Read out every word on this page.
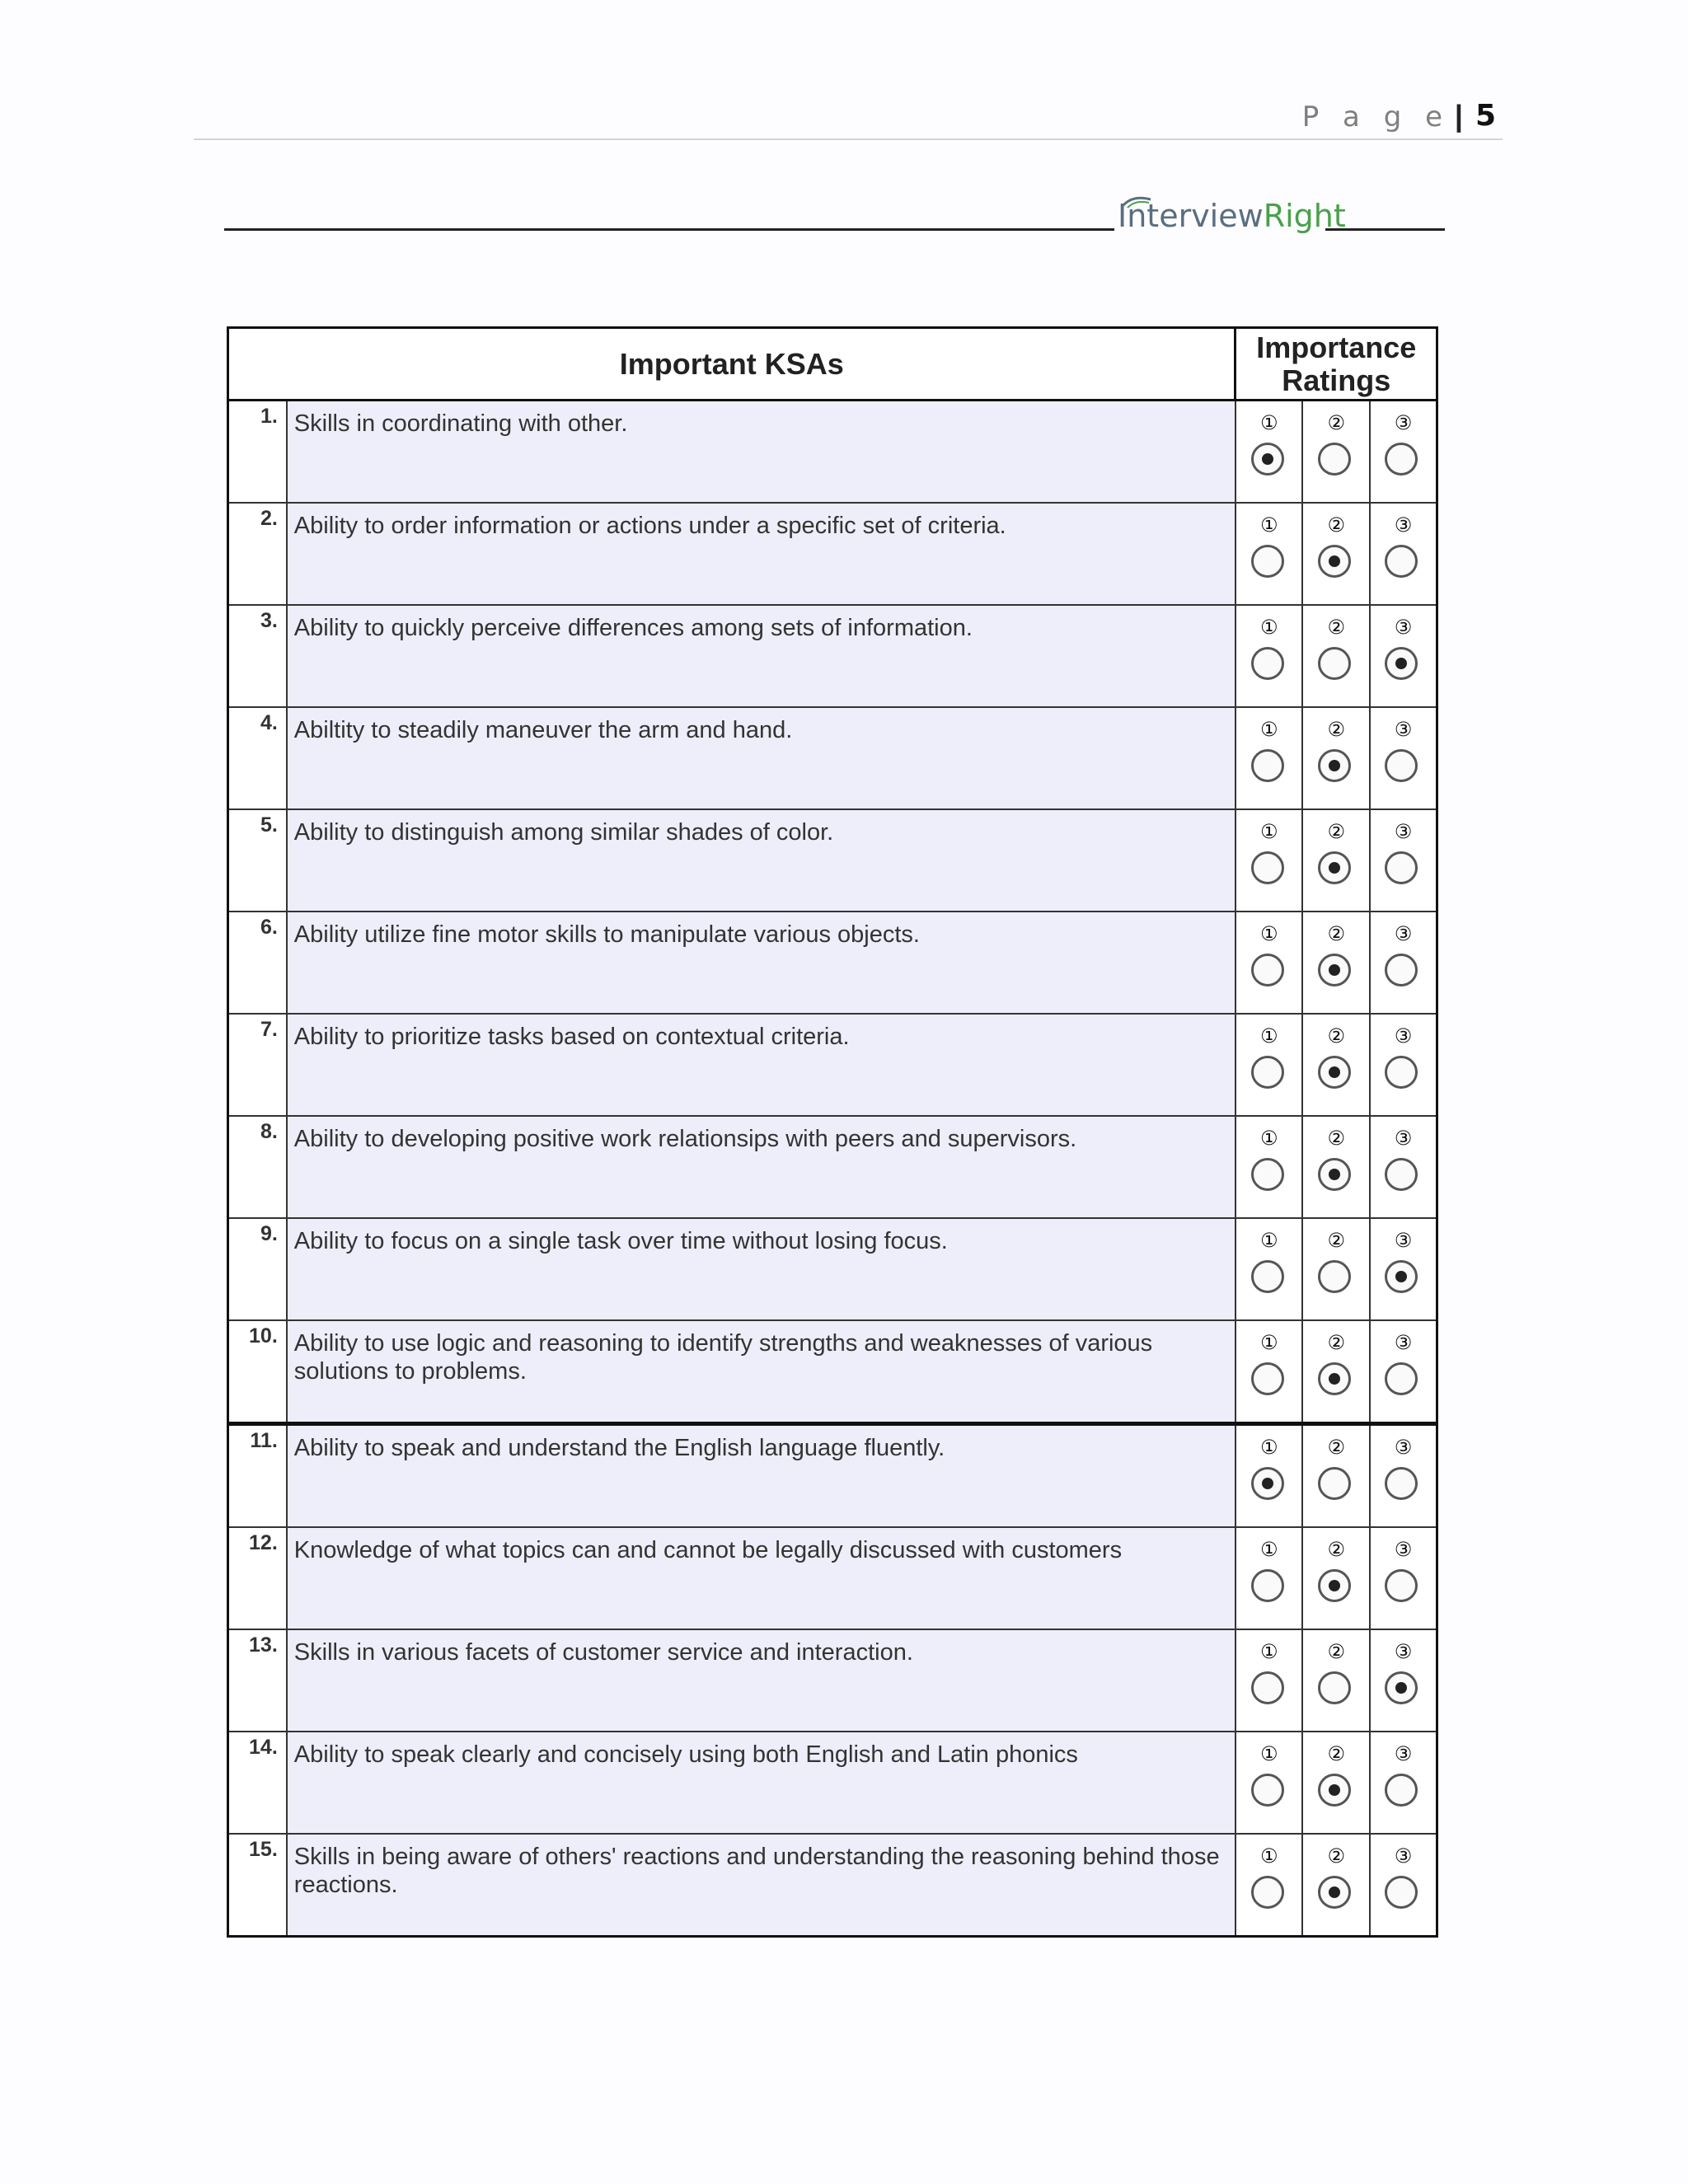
P a g e | 5
InterviewRight
Important KSAs		Importance Ratings		
1.	Skills in coordinating with other.	①	②	③

2.	Ability to order information or actions under a specific set of criteria.	①	②	③

3.	Ability to quickly perceive differences among sets of information.	①	②	③

4.	Abiltity to steadily maneuver the arm and hand.	①	②	③

5.	Ability to distinguish among similar shades of color.	①	②	③

6.	Ability utilize fine motor skills to manipulate various objects.	①	②	③

7.	Ability to prioritize tasks based on contextual criteria.	①	②	③

8.	Ability to developing positive work relationsips with peers and supervisors.	①	②	③

9.	Ability to focus on a single task over time without losing focus.	①	②	③

10.	Ability to use logic and reasoning to identify strengths and weaknesses of various solutions to problems.	①	②	③

11.	Ability to speak and understand the English language fluently.	①	②	③

12.	Knowledge of what topics can and cannot be legally discussed with customers	①	②	③

13.	Skills in various facets of customer service and interaction.	①	②	③

14.	Ability to speak clearly and concisely using both English and Latin phonics	①	②	③

15.	Skills in being aware of others' reactions and understanding the reasoning behind those reactions.	①	②	③
